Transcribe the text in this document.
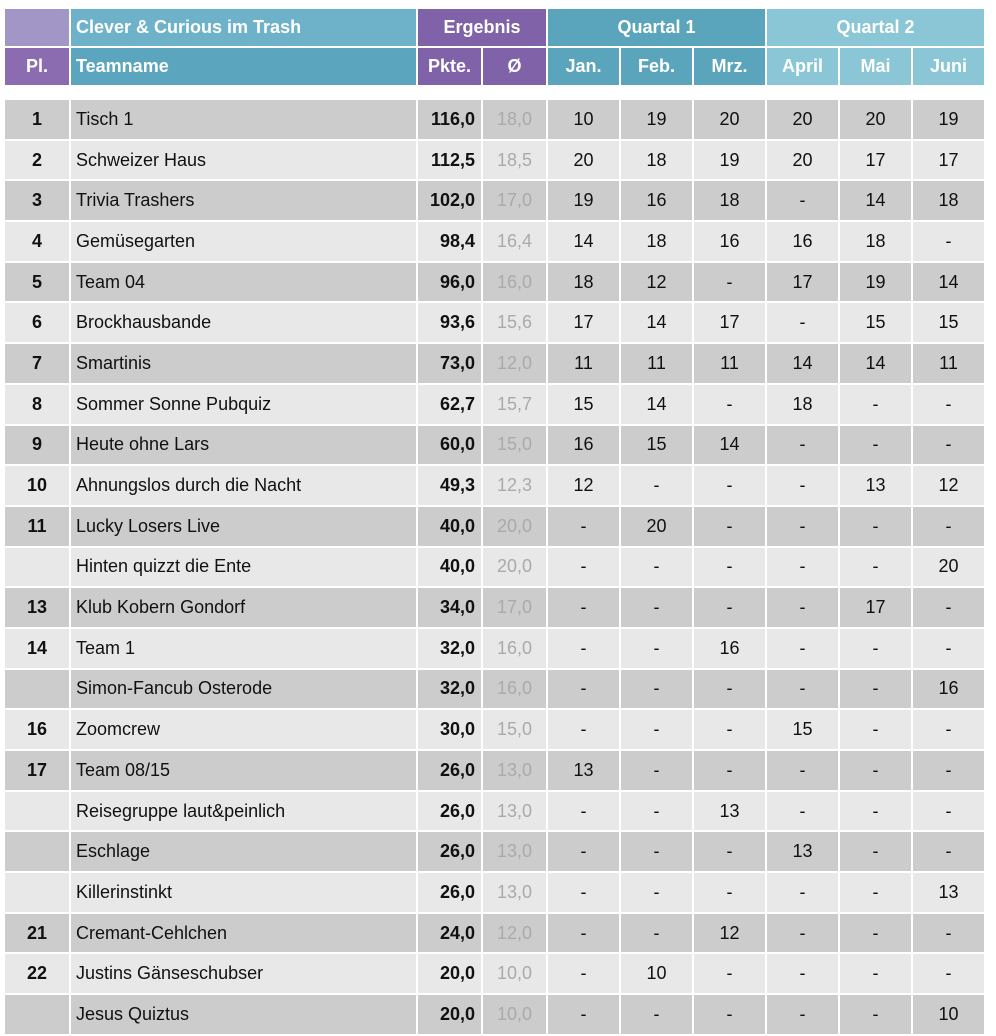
	Clever & Curious im Trash	Ergebnis		Quartal 1			Quartal 2		
Pl.	Teamname	Pkte.	Ø	Jan.	Feb.	Mrz.	April	Mai	Juni

1	Tisch 1	116,0	18,0	10	19	20	20	20	19
2	Schweizer Haus	112,5	18,5	20	18	19	20	17	17
3	Trivia Trashers	102,0	17,0	19	16	18	-	14	18
4	Gemüsegarten	98,4	16,4	14	18	16	16	18	-
5	Team 04	96,0	16,0	18	12	-	17	19	14
6	Brockhausbande	93,6	15,6	17	14	17	-	15	15
7	Smartinis	73,0	12,0	11	11	11	14	14	11
8	Sommer Sonne Pubquiz	62,7	15,7	15	14	-	18	-	-
9	Heute ohne Lars	60,0	15,0	16	15	14	-	-	-
10	Ahnungslos durch die Nacht	49,3	12,3	12	-	-	-	13	12
11	Lucky Losers Live	40,0	20,0	-	20	-	-	-	-
	Hinten quizzt die Ente	40,0	20,0	-	-	-	-	-	20
13	Klub Kobern Gondorf	34,0	17,0	-	-	-	-	17	-
14	Team 1	32,0	16,0	-	-	16	-	-	-
	Simon-Fancub Osterode	32,0	16,0	-	-	-	-	-	16
16	Zoomcrew	30,0	15,0	-	-	-	15	-	-
17	Team 08/15	26,0	13,0	13	-	-	-	-	-
	Reisegruppe laut&peinlich	26,0	13,0	-	-	13	-	-	-
	Eschlage	26,0	13,0	-	-	-	13	-	-
	Killerinstinkt	26,0	13,0	-	-	-	-	-	13
21	Cremant-Cehlchen	24,0	12,0	-	-	12	-	-	-
22	Justins Gänseschubser	20,0	10,0	-	10	-	-	-	-
	Jesus Quiztus	20,0	10,0	-	-	-	-	-	10
